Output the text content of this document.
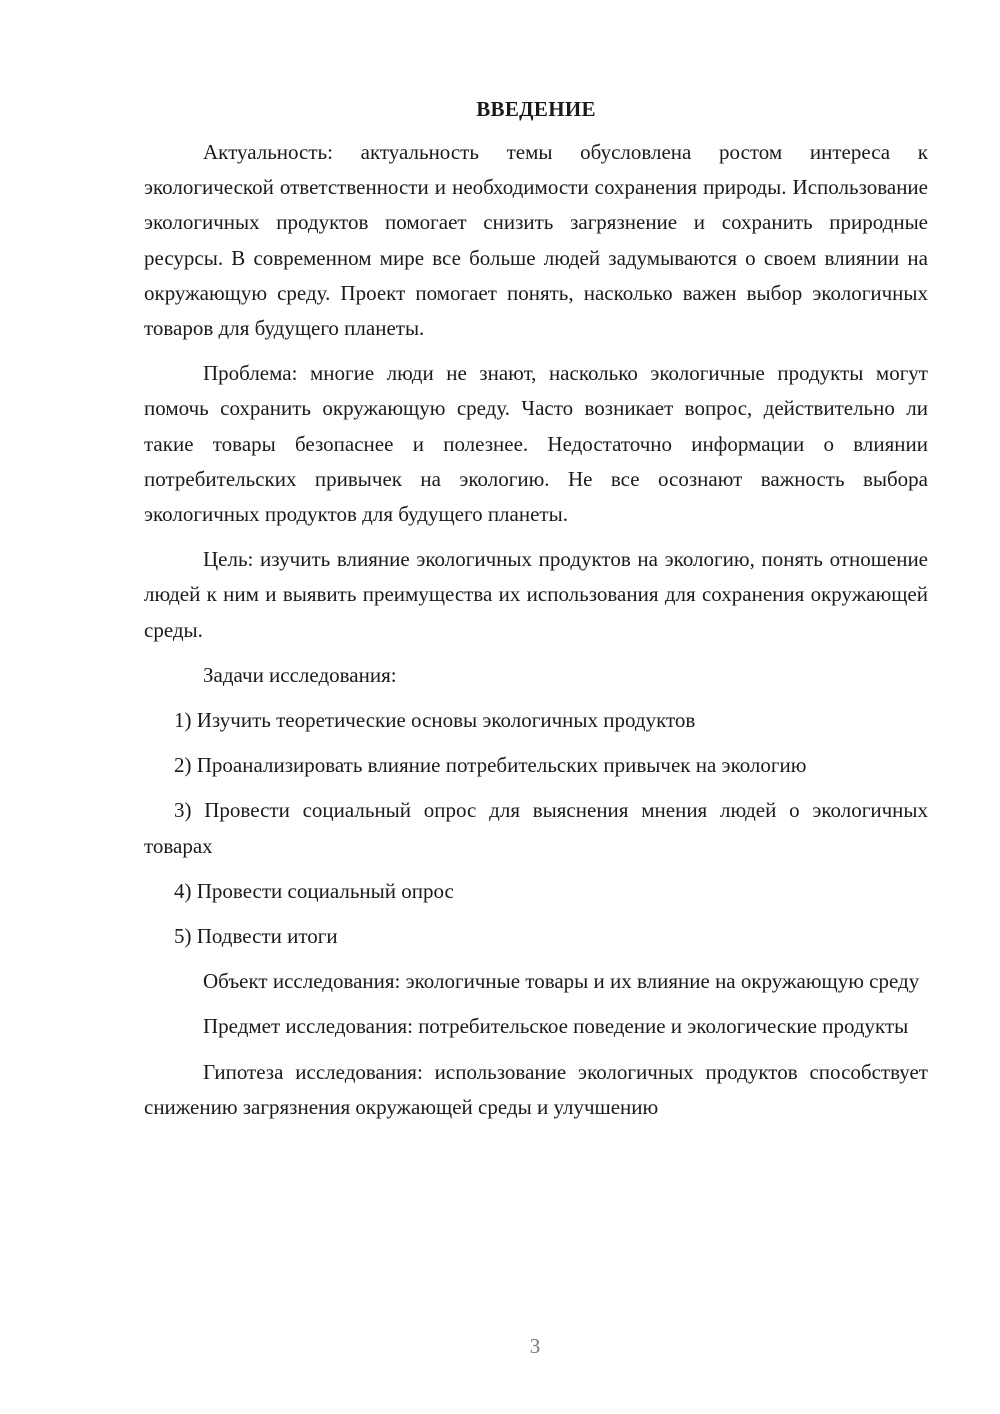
ВВЕДЕНИЕ

Актуальность: актуальность темы обусловлена ростом интереса к экологической ответственности и необходимости сохранения природы. Использование экологичных продуктов помогает снизить загрязнение и сохранить природные ресурсы. В современном мире все больше людей задумываются о своем влиянии на окружающую среду. Проект помогает понять, насколько важен выбор экологичных товаров для будущего планеты.

Проблема: многие люди не знают, насколько экологичные продукты могут помочь сохранить окружающую среду. Часто возникает вопрос, действительно ли такие товары безопаснее и полезнее. Недостаточно информации о влиянии потребительских привычек на экологию. Не все осознают важность выбора экологичных продуктов для будущего планеты.

Цель: изучить влияние экологичных продуктов на экологию, понять отношение людей к ним и выявить преимущества их использования для сохранения окружающей среды.

Задачи исследования:

1) Изучить теоретические основы экологичных продуктов

2) Проанализировать влияние потребительских привычек на экологию

3) Провести социальный опрос для выяснения мнения людей о экологичных товарах

4) Провести социальный опрос

5) Подвести итоги

Объект исследования: экологичные товары и их влияние на окружающую среду

Предмет исследования: потребительское поведение и экологические продукты

Гипотеза исследования: использование экологичных продуктов способствует снижению загрязнения окружающей среды и улучшению

3
